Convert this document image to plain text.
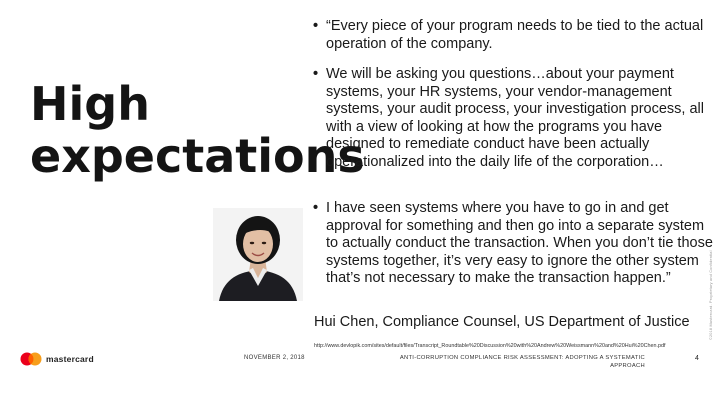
High
expectations
• “Every piece of your program needs to be tied to the actual operation of the company.
• We will be asking you questions…about your payment systems, your HR systems, your vendor-management systems, your audit process, your investigation process, all with a view of looking at how the programs you have designed to remediate conduct have been actually operationalized into the daily life of the corporation…
• I have seen systems where you have to go in and get approval for something and then go into a separate system to actually conduct the transaction. When you don’t tie those systems together, it’s very easy to ignore the other system that’s not necessary to make the transaction happen.”
Hui Chen, Compliance Counsel, US Department of Justice
http://www.devlopik.com/sites/default/files/Transcript_Roundtable%20Discussion%20with%20Andrew%20Weissmann%20and%20Hui%20Chen.pdf
mastercard	NOVEMBER 2, 2018	ANTI-CORRUPTION COMPLIANCE RISK ASSESSMENT: ADOPTING A SYSTEMATIC APPROACH
4
©2018 Mastercard. Proprietary and Confidential
